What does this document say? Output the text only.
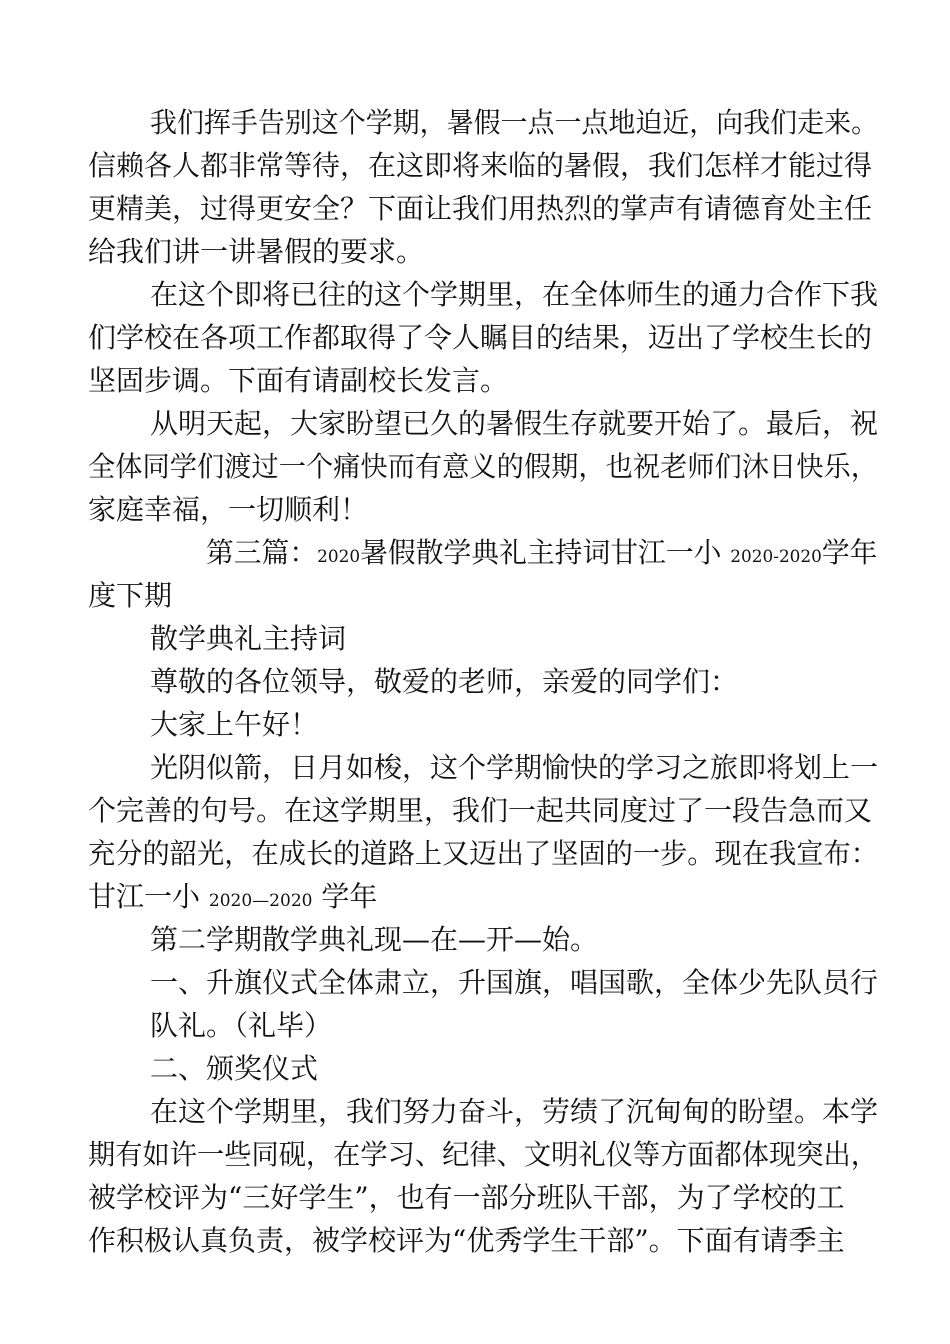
我们挥手告别这个学期，暑假一点一点地迫近，向我们走来。
信赖各人都非常等待，在这即将来临的暑假，我们怎样才能过得
更精美，过得更安全？下面让我们用热烈的掌声有请德育处主任
给我们讲一讲暑假的要求。
在这个即将已往的这个学期里，在全体师生的通力合作下我
们学校在各项工作都取得了令人瞩目的结果，迈出了学校生长的
坚固步调。下面有请副校长发言。
从明天起，大家盼望已久的暑假生存就要开始了。最后，祝
全体同学们渡过一个痛快而有意义的假期，也祝老师们沐日快乐，
家庭幸福，一切顺利！
第三篇：2020暑假散学典礼主持词甘江一小 2020-2020学年
度下期
散学典礼主持词
尊敬的各位领导，敬爱的老师，亲爱的同学们：
大家上午好！
光阴似箭，日月如梭，这个学期愉快的学习之旅即将划上一
个完善的句号。在这学期里，我们一起共同度过了一段告急而又
充分的韶光，在成长的道路上又迈出了坚固的一步。现在我宣布：
甘江一小 2020—2020 学年
第二学期散学典礼现—在—开—始。
一、升旗仪式全体肃立，升国旗，唱国歌，全体少先队员行
队礼。（礼毕）
二、颁奖仪式
在这个学期里，我们努力奋斗，劳绩了沉甸甸的盼望。本学
期有如许一些同砚，在学习、纪律、文明礼仪等方面都体现突出，
被学校评为“三好学生”，也有一部分班队干部，为了学校的工
作积极认真负责，被学校评为“优秀学生干部”。下面有请季主
